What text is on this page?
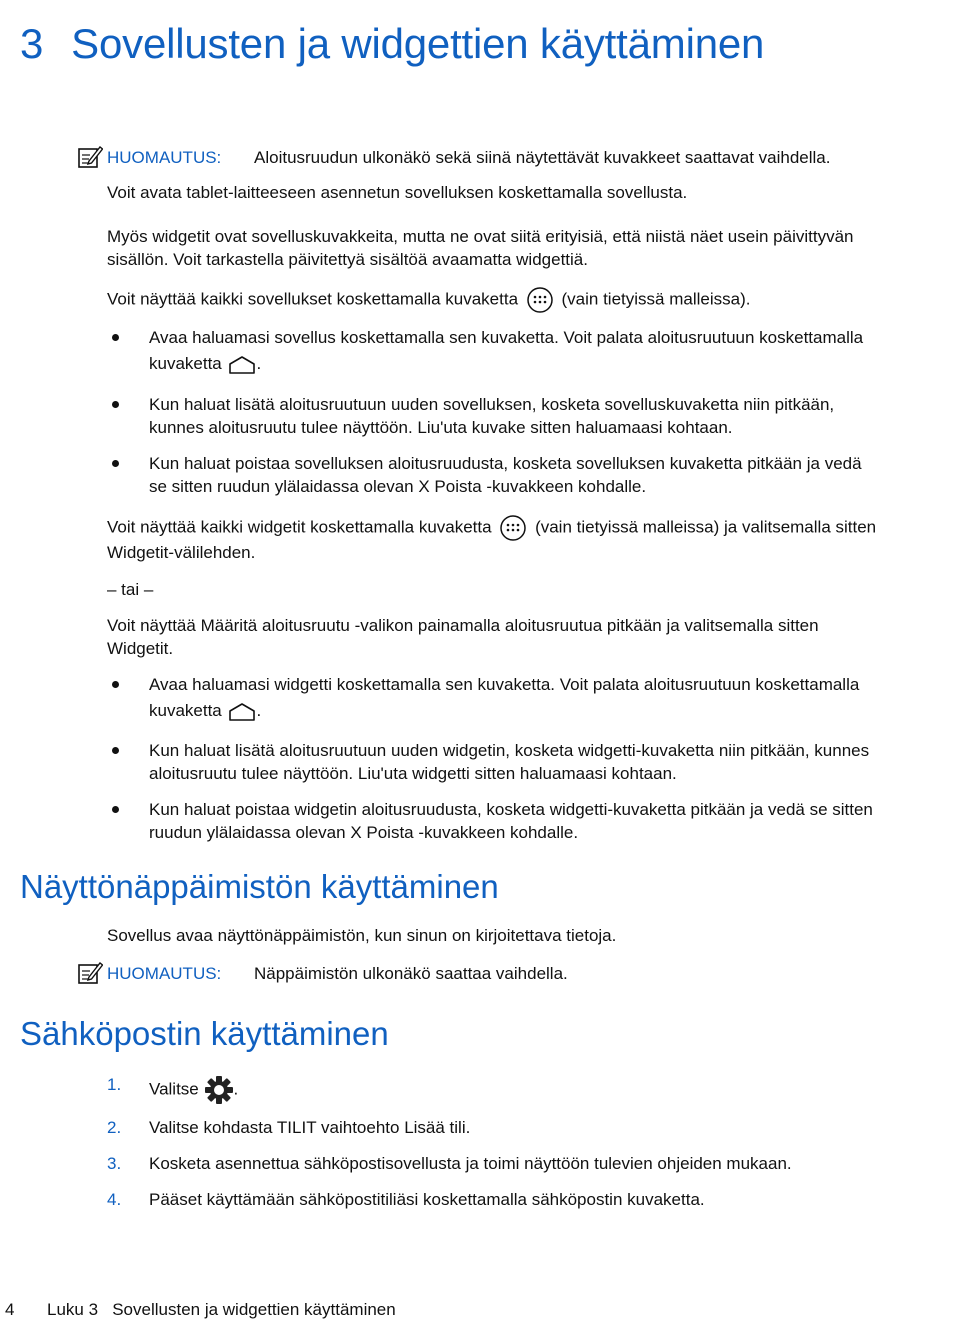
3 Sovellusten ja widgettien käyttäminen
HUOMAUTUS: Aloitusruudun ulkonäkö sekä siinä näytettävät kuvakkeet saattavat vaihdella.
Voit avata tablet-laitteeseen asennetun sovelluksen koskettamalla sovellusta.
Myös widgetit ovat sovelluskuvakkeita, mutta ne ovat siitä erityisiä, että niistä näet usein päivittyvän
sisällön. Voit tarkastella päivitettyä sisältöä avaamatta widgettiä.
Voit näyttää kaikki sovellukset koskettamalla kuvaketta	(vain tietyissä malleissa).
Avaa haluamasi sovellus koskettamalla sen kuvaketta. Voit palata aloitusruutuun koskettamalla
kuvaketta .
Kun haluat lisätä aloitusruutuun uuden sovelluksen, kosketa sovelluskuvaketta niin pitkään,
kunnes aloitusruutu tulee näyttöön. Liu'uta kuvake sitten haluamaasi kohtaan.
Kun haluat poistaa sovelluksen aloitusruudusta, kosketa sovelluksen kuvaketta pitkään ja vedä
se sitten ruudun ylälaidassa olevan X Poista -kuvakkeen kohdalle.
Voit näyttää kaikki widgetit koskettamalla kuvaketta	(vain tietyissä malleissa) ja valitsemalla sitten
Widgetit-välilehden.
– tai –
Voit näyttää Määritä aloitusruutu -valikon painamalla aloitusruutua pitkään ja valitsemalla sitten
Widgetit.
Avaa haluamasi widgetti koskettamalla sen kuvaketta. Voit palata aloitusruutuun koskettamalla
kuvaketta .
Kun haluat lisätä aloitusruutuun uuden widgetin, kosketa widgetti-kuvaketta niin pitkään, kunnes
aloitusruutu tulee näyttöön. Liu'uta widgetti sitten haluamaasi kohtaan.
Kun haluat poistaa widgetin aloitusruudusta, kosketa widgetti-kuvaketta pitkään ja vedä se sitten
ruudun ylälaidassa olevan X Poista -kuvakkeen kohdalle.
Näyttönäppäimistön käyttäminen
Sovellus avaa näyttönäppäimistön, kun sinun on kirjoitettava tietoja.
HUOMAUTUS: Näppäimistön ulkonäkö saattaa vaihdella.
Sähköpostin käyttäminen
1. Valitse .
2. Valitse kohdasta TILIT vaihtoehto Lisää tili.
3. Kosketa asennettua sähköpostisovellusta ja toimi näyttöön tulevien ohjeiden mukaan.
4. Pääset käyttämään sähköpostitiliäsi koskettamalla sähköpostin kuvaketta.
4 Luku 3   Sovellusten ja widgettien käyttäminen
